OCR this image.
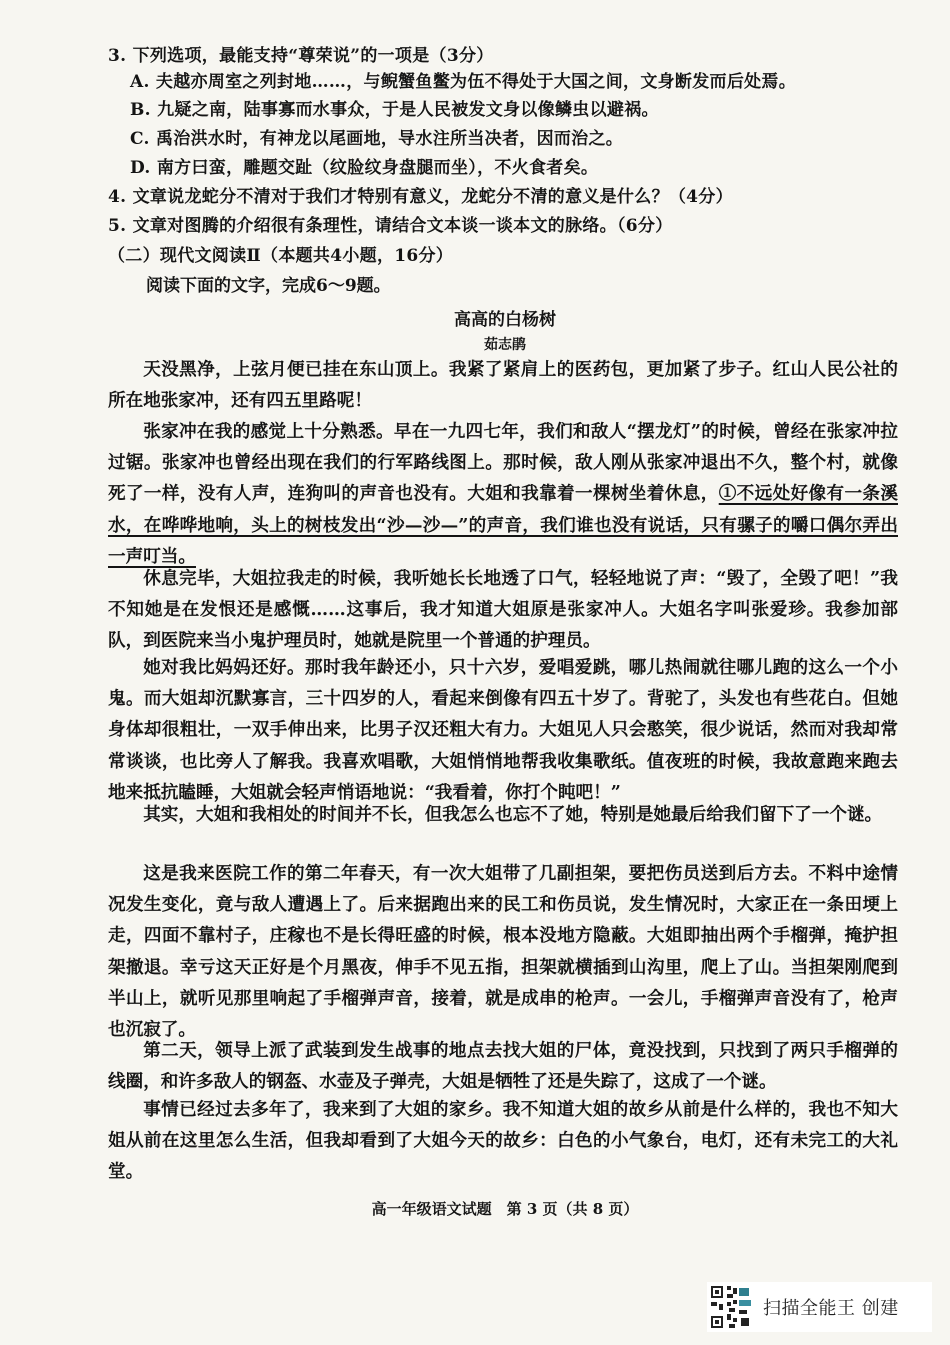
3. 下列选项，最能支持“尊荣说”的一项是（3分）
A. 夫越亦周室之列封地……，与鲵蟹鱼鳖为伍不得处于大国之间，文身断发而后处焉。
B. 九疑之南，陆事寡而水事众，于是人民被发文身以像鳞虫以避祸。
C. 禹治洪水时，有神龙以尾画地，导水注所当决者，因而治之。
D. 南方曰蛮，雕题交趾（纹脸纹身盘腿而坐），不火食者矣。
4. 文章说龙蛇分不清对于我们才特别有意义，龙蛇分不清的意义是什么？（4分）
5. 文章对图腾的介绍很有条理性，请结合文本谈一谈本文的脉络。（6分）
（二）现代文阅读Ⅱ（本题共4小题，16分）
阅读下面的文字，完成6～9题。
高高的白杨树
茹志鹃

天没黑净，上弦月便已挂在东山顶上。我紧了紧肩上的医药包，更加紧了步子。红山人民公社的所在地张家冲，还有四五里路呢！

张家冲在我的感觉上十分熟悉。早在一九四七年，我们和敌人“摆龙灯”的时候，曾经在张家冲拉过锯。张家冲也曾经出现在我们的行军路线图上。那时候，敌人刚从张家冲退出不久，整个村，就像死了一样，没有人声，连狗叫的声音也没有。大姐和我靠着一棵树坐着休息，①不远处好像有一条溪水，在哗哗地响，头上的树枝发出“沙—沙—”的声音，我们谁也没有说话，只有骡子的嚼口偶尔弄出一声叮当。

休息完毕，大姐拉我走的时候，我听她长长地透了口气，轻轻地说了声：“毁了，全毁了吧！”我不知她是在发恨还是感慨……这事后，我才知道大姐原是张家冲人。大姐名字叫张爱珍。我参加部队，到医院来当小鬼护理员时，她就是院里一个普通的护理员。

她对我比妈妈还好。那时我年龄还小，只十六岁，爱唱爱跳，哪儿热闹就往哪儿跑的这么一个小鬼。而大姐却沉默寡言，三十四岁的人，看起来倒像有四五十岁了。背驼了，头发也有些花白。但她身体却很粗壮，一双手伸出来，比男子汉还粗大有力。大姐见人只会憨笑，很少说话，然而对我却常常谈谈，也比旁人了解我。我喜欢唱歌，大姐悄悄地帮我收集歌纸。值夜班的时候，我故意跑来跑去地来抵抗瞌睡，大姐就会轻声悄语地说：“我看着，你打个盹吧！”

其实，大姐和我相处的时间并不长，但我怎么也忘不了她，特别是她最后给我们留下了一个谜。

这是我来医院工作的第二年春天，有一次大姐带了几副担架，要把伤员送到后方去。不料中途情况发生变化，竟与敌人遭遇上了。后来据跑出来的民工和伤员说，发生情况时，大家正在一条田埂上走，四面不靠村子，庄稼也不是长得旺盛的时候，根本没地方隐蔽。大姐即抽出两个手榴弹，掩护担架撤退。幸亏这天正好是个月黑夜，伸手不见五指，担架就横插到山沟里，爬上了山。当担架刚爬到半山上，就听见那里响起了手榴弹声音，接着，就是成串的枪声。一会儿，手榴弹声音没有了，枪声也沉寂了。

第二天，领导上派了武装到发生战事的地点去找大姐的尸体，竟没找到，只找到了两只手榴弹的线圈，和许多敌人的钢盔、水壶及子弹壳，大姐是牺牲了还是失踪了，这成了一个谜。

事情已经过去多年了，我来到了大姐的家乡。我不知道大姐的故乡从前是什么样的，我也不知大姐从前在这里怎么生活，但我却看到了大姐今天的故乡：白色的小气象台，电灯，还有未完工的大礼堂。

高一年级语文试题　第 3 页（共 8 页）
扫描全能王 创建
